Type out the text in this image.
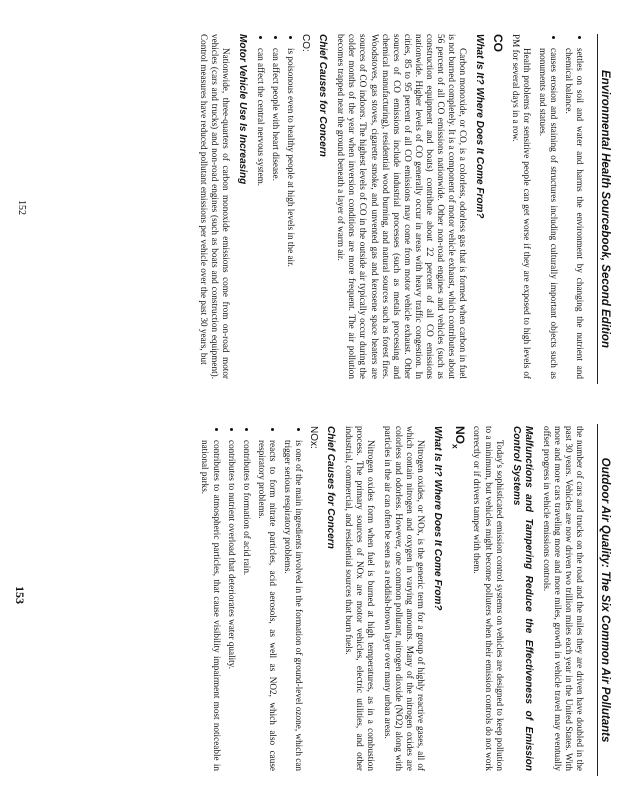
Environmental Health Sourcebook, Second Edition
Outdoor Air Quality: The Six Common Air Pollutants
• settles on soil and water and harms the environment by changing the nutrient and chemical balance.
• causes erosion and staining of structures including culturally important objects such as monuments and statues.

Health problems for sensitive people can get worse if they are exposed to high levels of PM for several days in a row.

CO
What Is It? Where Does It Come From?

Carbon monoxide, or CO, is a colorless, odorless gas that is formed when carbon in fuel is not burned completely. It is a component of motor vehicle exhaust, which contributes about 56 percent of all CO emissions nationwide. Other non-road engines and vehicles (such as construction equipment and boats) contribute about 22 percent of all CO emissions nationwide. Higher levels of CO generally occur in areas with heavy traffic congestion. In cities, 85 to 95 percent of all CO emissions may come from motor vehicle exhaust. Other sources of CO emissions include industrial processes (such as metals processing and chemical manufacturing), residential wood burning, and natural sources such as forest fires. Woodstoves, gas stoves, cigarette smoke, and unvented gas and kerosene space heaters are sources of CO indoors. The highest levels of CO in the outside air typically occur during the colder months of the year when inversion conditions are more frequent. The air pollution becomes trapped near the ground beneath a layer of warm air.

Chief Causes for Concern
CO:
• is poisonous even to healthy people at high levels in the air.
• can affect people with heart disease.
• can affect the central nervous system.
Motor Vehicle Use Is Increasing

Nationwide, three-quarters of carbon monoxide emissions come from on-road motor vehicles (cars and trucks) and non-road engines (such as boats and construction equipment). Control measures have reduced pollutant emissions per vehicle over the past 30 years, but

152

the number of cars and trucks on the road and the miles they are driven have doubled in the past 30 years. Vehicles are now driven two trillion miles each year in the United States. With more and more cars traveling more and more miles, growth in vehicle travel may eventually offset progress in vehicle emissions controls.

Malfunctions and Tampering Reduce the Effectiveness of Emission Control Systems

Today's sophisticated emission control systems on vehicles are designed to keep pollution to a minimum, but vehicles might become polluters when their emission controls do not work correctly or if drivers tamper with them.

$NO_x$
What Is It? Where Does It Come From?

Nitrogen oxides, or NOx, is the generic term for a group of highly reactive gases, all of which contain nitrogen and oxygen in varying amounts. Many of the nitrogen oxides are colorless and odorless. However, one common pollutant, nitrogen dioxide (NO2) along with particles in the air can often be seen as a reddish-brown layer over many urban areas.

Nitrogen oxides form when fuel is burned at high temperatures, as in a combustion process. The primary sources of NOx are motor vehicles, electric utilities, and other industrial, commercial, and residential sources that burn fuels.

Chief Causes for Concern
NOx:
• is one of the main ingredients involved in the formation of ground-level ozone, which can trigger serious respiratory problems.
• reacts to form nitrate particles, acid aerosols, as well as NO2, which also cause respiratory problems.
• contributes to formation of acid rain.
• contributes to nutrient overload that deteriorates water quality.
• contributes to atmospheric particles, that cause visibility impairment most noticeable in national parks.
153
